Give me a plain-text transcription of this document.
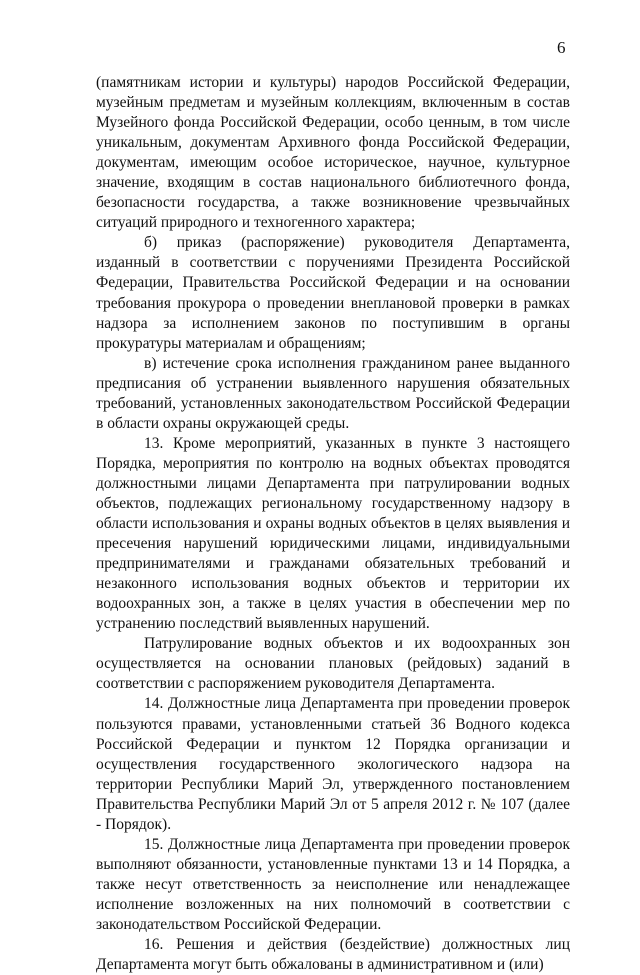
6

(памятникам истории и культуры) народов Российской Федерации, музейным предметам и музейным коллекциям, включенным в состав Музейного фонда Российской Федерации, особо ценным, в том числе уникальным, документам Архивного фонда Российской Федерации, документам, имеющим особое историческое, научное, культурное значение, входящим в состав национального библиотечного фонда, безопасности государства, а также возникновение чрезвычайных ситуаций природного и техногенного характера;

б) приказ (распоряжение) руководителя Департамента, изданный в соответствии с поручениями Президента Российской Федерации, Правительства Российской Федерации и на основании требования прокурора о проведении внеплановой проверки в рамках надзора за исполнением законов по поступившим в органы прокуратуры материалам и обращениям;

в) истечение срока исполнения гражданином ранее выданного предписания об устранении выявленного нарушения обязательных требований, установленных законодательством Российской Федерации в области охраны окружающей среды.

13. Кроме мероприятий, указанных в пункте 3 настоящего Порядка, мероприятия по контролю на водных объектах проводятся должностными лицами Департамента при патрулировании водных объектов, подлежащих региональному государственному надзору в области использования и охраны водных объектов в целях выявления и пресечения нарушений юридическими лицами, индивидуальными предпринимателями и гражданами обязательных требований и незаконного использования водных объектов и территории их водоохранных зон, а также в целях участия в обеспечении мер по устранению последствий выявленных нарушений.

Патрулирование водных объектов и их водоохранных зон осуществляется на основании плановых (рейдовых) заданий в соответствии с распоряжением руководителя Департамента.

14. Должностные лица Департамента при проведении проверок пользуются правами, установленными статьей 36 Водного кодекса Российской Федерации и пунктом 12 Порядка организации и осуществления государственного экологического надзора на территории Республики Марий Эл, утвержденного постановлением Правительства Республики Марий Эл от 5 апреля 2012 г. № 107 (далее - Порядок).

15. Должностные лица Департамента при проведении проверок выполняют обязанности, установленные пунктами 13 и 14 Порядка, а также несут ответственность за неисполнение или ненадлежащее исполнение возложенных на них полномочий в соответствии с законодательством Российской Федерации.

16. Решения и действия (бездействие) должностных лиц Департамента могут быть обжалованы в административном и (или)
